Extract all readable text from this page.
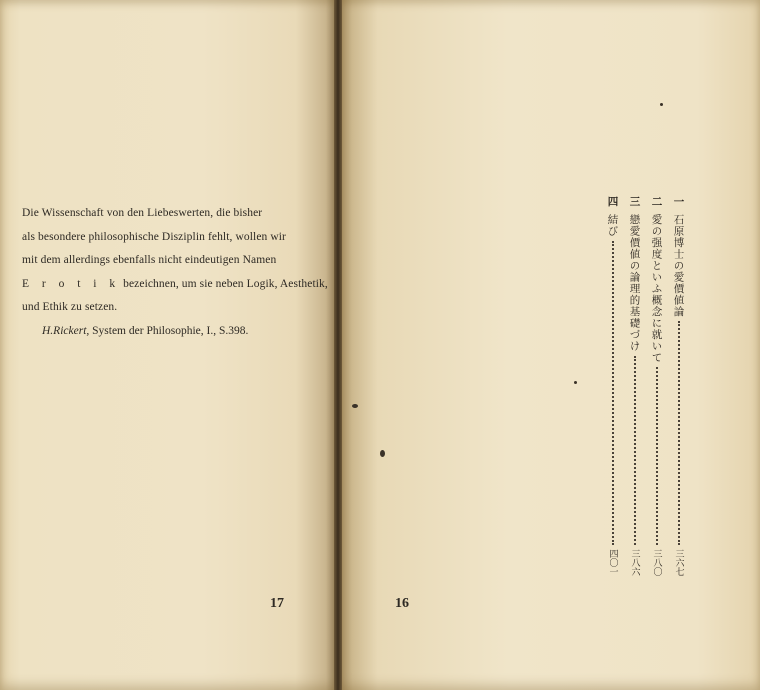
Die Wissenschaft von den Liebeswerten, die bisher
als besondere philosophische Disziplin fehlt, wollen wir
mit dem allerdings ebenfalls nicht eindeutigen Namen
E r o t i k bezeichnen, um sie neben Logik, Aesthetik,
und Ethik zu setzen.
H.Rickert, System der Philosophie, I., S.398.
17	16
一
石原博士の愛價値論
三六七
二
愛の强度といふ概念に就いて
三八〇
三
戀愛價値の論理的基礎づけ
三八六
四
結び
四〇一
